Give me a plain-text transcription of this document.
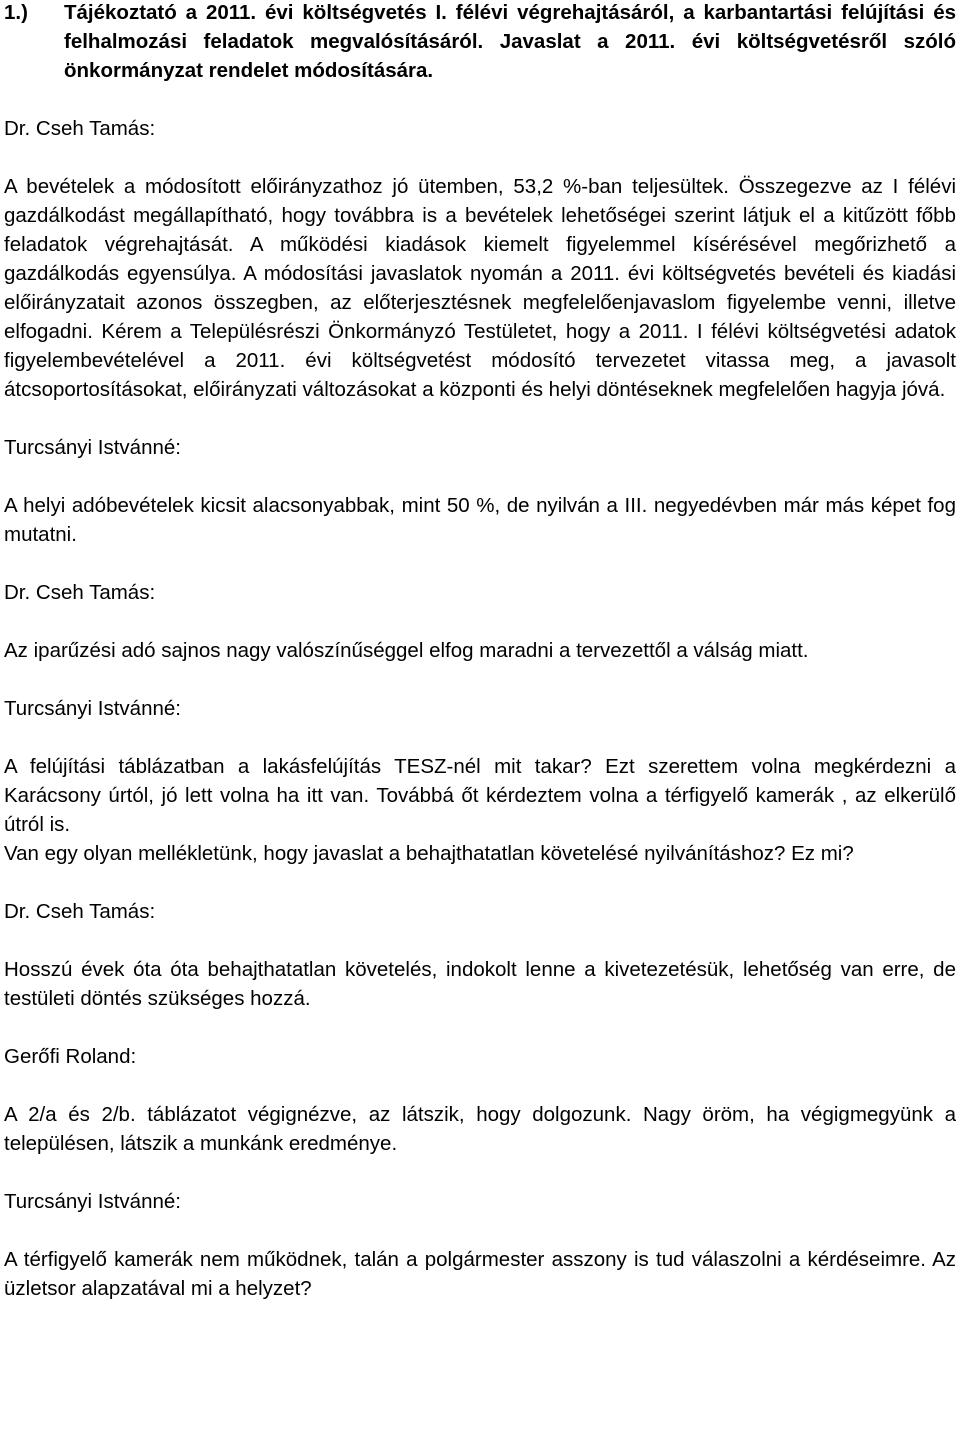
1.)	Tájékoztató a 2011. évi költségvetés I. félévi végrehajtásáról, a karbantartási felújítási és felhalmozási feladatok megvalósításáról. Javaslat a 2011. évi költségvetésről szóló önkormányzat rendelet módosítására.

Dr. Cseh Tamás:

A bevételek a módosított előirányzathoz jó ütemben, 53,2 %-ban teljesültek. Összegezve az I félévi gazdálkodást megállapítható, hogy továbbra is a bevételek lehetőségei szerint látjuk el a kitűzött főbb feladatok végrehajtását. A működési kiadások kiemelt figyelemmel kísérésével megőrizhető a gazdálkodás egyensúlya. A módosítási javaslatok nyomán a 2011. évi költségvetés bevételi és kiadási előirányzatait azonos összegben, az előterjesztésnek megfelelőenjavaslom figyelembe venni, illetve elfogadni. Kérem a Településrészi Önkormányzó Testületet, hogy a 2011. I félévi költségvetési adatok figyelembevételével a 2011. évi költségvetést módosító tervezetet vitassa meg, a javasolt átcsoportosításokat, előirányzati változásokat a központi és helyi döntéseknek megfelelően hagyja jóvá.

Turcsányi Istvánné:

A helyi adóbevételek kicsit alacsonyabbak, mint 50 %, de nyilván a III. negyedévben már más képet fog mutatni.

Dr. Cseh Tamás:

Az iparűzési adó sajnos nagy valószínűséggel elfog maradni a tervezettől a válság miatt.

Turcsányi Istvánné:

A felújítási táblázatban a lakásfelújítás TESZ-nél mit takar? Ezt szerettem volna megkérdezni a Karácsony úrtól, jó lett volna ha itt van. Továbbá őt kérdeztem volna a térfigyelő kamerák , az elkerülő útról is.

Van egy olyan mellékletünk, hogy javaslat a behajthatatlan követelésé nyilvánításhoz? Ez mi?

Dr. Cseh Tamás:

Hosszú évek óta óta behajthatatlan követelés, indokolt lenne a kivetezetésük, lehetőség van erre, de testületi döntés szükséges hozzá.

Gerőfi Roland:

A 2/a és 2/b. táblázatot végignézve, az látszik, hogy dolgozunk. Nagy öröm, ha végigmegyünk a településen, látszik a munkánk eredménye.

Turcsányi Istvánné:

A térfigyelő kamerák nem működnek, talán a polgármester asszony is tud válaszolni a kérdéseimre. Az üzletsor alapzatával mi a helyzet?
